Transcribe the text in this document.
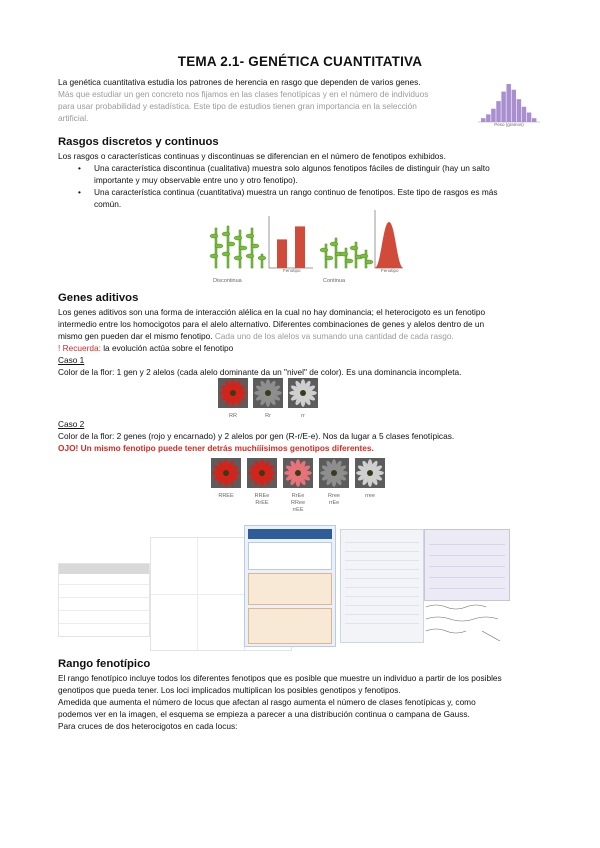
TEMA 2.1- GENÉTICA CUANTITATIVA

La genética cuantitativa estudia los patrones de herencia en rasgo que dependen de varios genes.

Más que estudiar un gen concreto nos fijamos en las clases fenotípicas y en el número de individuos

para usar probabilidad y estadística. Este tipo de estudios tienen gran importancia en la selección

artificial.

Peso (gramos)
Rasgos discretos y continuos

Los rasgos o características continuas y discontinuas se diferencian en el número de fenotipos exhibidos.

• Una característica discontinua (cualitativa) muestra solo algunos fenotipos fáciles de distinguir (hay un salto

importante y muy observable entre uno y otro fenotipo).

• Una característica continua (cuantitativa) muestra un rango continuo de fenotipos. Este tipo de rasgos es más

común.

Fenotipo	Fenotipo
Discontinua	Continua
Genes aditivos

Los genes aditivos son una forma de interacción alélica en la cual no hay dominancia; el heterocigoto es un fenotipo

intermedio entre los homocigotos para el alelo alternativo. Diferentes combinaciones de genes y alelos dentro de un

mismo gen pueden dar el mismo fenotipo. Cada uno de los alelos va sumando una cantidad de cada rasgo.

! Recuerda: la evolución actúa sobre el fenotipo

Caso 1

Color de la flor: 1 gen y 2 alelos (cada alelo dominante da un "nivel" de color). Es una dominancia incompleta.

RR	Rr	rr

Caso 2

Color de la flor: 2 genes (rojo y encarnado) y 2 alelos por gen (R-r/E-e). Nos da lugar a 5 clases fenotípicas.

OJO! Un mismo fenotipo puede tener detrás muchííísimos genotipos diferentes.

RREE	RREe
RrEE
RrEe
RRee
rrEE
Rree
rrEe
rree
Rango fenotípico

El rango fenotípico incluye todos los diferentes fenotipos que es posible que muestre un individuo a partir de los posibles

genotipos que pueda tener. Los loci implicados multiplican los posibles genotipos y fenotipos.

Amedida que aumenta el número de locus que afectan al rasgo aumenta el número de clases fenotípicas y, como

podemos ver en la imagen, el esquema se empieza a parecer a una distribución continua o campana de Gauss.

Para cruces de dos heterocigotos en cada locus:
